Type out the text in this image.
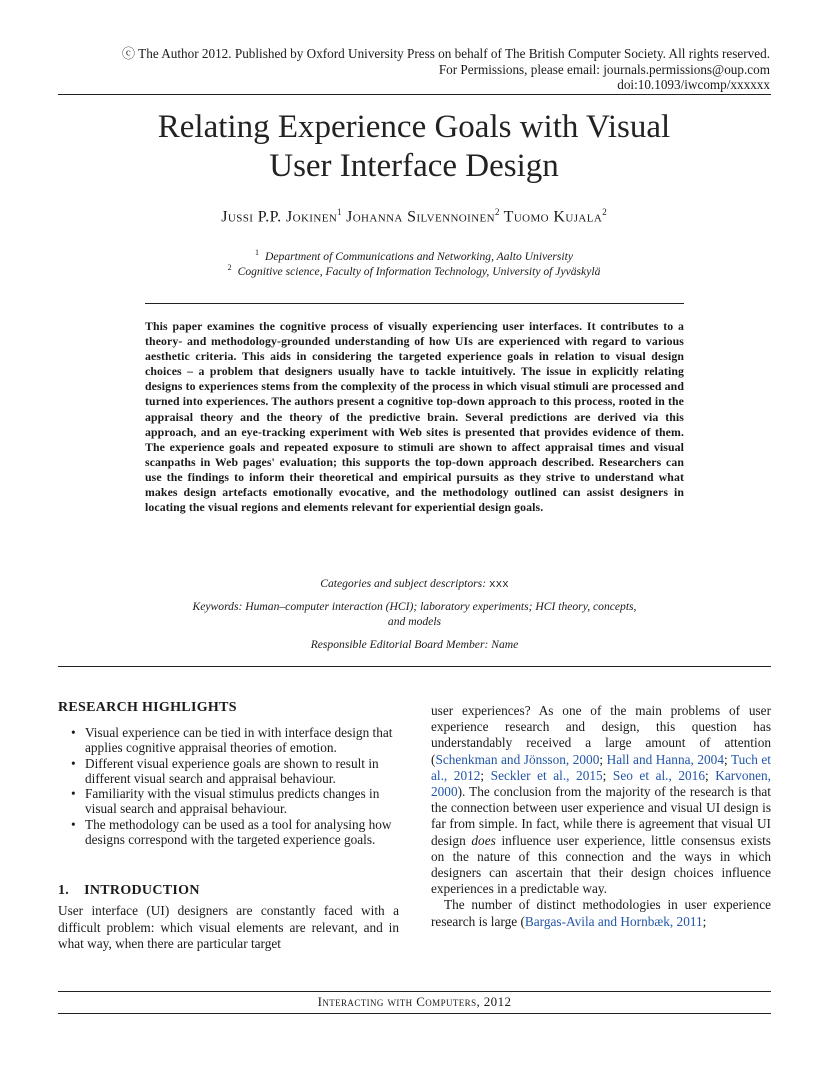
ⓒ The Author 2012. Published by Oxford University Press on behalf of The British Computer Society. All rights reserved.
For Permissions, please email: journals.permissions@oup.com
doi:10.1093/iwcomp/xxxxxx
Relating Experience Goals with Visual
User Interface Design
Jussi P.P. Jokinen$^1$ Johanna Silvennoinen$^2$ Tuomo Kujala$^2$
$^1$ Department of Communications and Networking, Aalto University
$^2$ Cognitive science, Faculty of Information Technology, University of Jyväskylä

This paper examines the cognitive process of visually experiencing user interfaces. It contributes to a theory- and methodology-grounded understanding of how UIs are experienced with regard to various aesthetic criteria. This aids in considering the targeted experience goals in relation to visual design choices – a problem that designers usually have to tackle intuitively. The issue in explicitly relating designs to experiences stems from the complexity of the process in which visual stimuli are processed and turned into experiences. The authors present a cognitive top-down approach to this process, rooted in the appraisal theory and the theory of the predictive brain. Several predictions are derived via this approach, and an eye-tracking experiment with Web sites is presented that provides evidence of them. The experience goals and repeated exposure to stimuli are shown to affect appraisal times and visual scanpaths in Web pages' evaluation; this supports the top-down approach described. Researchers can use the findings to inform their theoretical and empirical pursuits as they strive to understand what makes design artefacts emotionally evocative, and the methodology outlined can assist designers in locating the visual regions and elements relevant for experiential design goals.

Categories and subject descriptors: xxx
Keywords: Human–computer interaction (HCI); laboratory experiments; HCI theory, concepts,
and models
Responsible Editorial Board Member: Name
RESEARCH HIGHLIGHTS
• Visual experience can be tied in with interface design that applies cognitive appraisal theories of emotion.
• Different visual experience goals are shown to result in different visual search and appraisal behaviour.
• Familiarity with the visual stimulus predicts changes in visual search and appraisal behaviour.
• The methodology can be used as a tool for analysing how designs correspond with the targeted experience goals.
1. INTRODUCTION

User interface (UI) designers are constantly faced with a difficult problem: which visual elements are relevant, and in what way, when there are particular target

user experiences? As one of the main problems of user experience research and design, this question has understandably received a large amount of attention (Schenkman and Jönsson, 2000; Hall and Hanna, 2004; Tuch et al., 2012; Seckler et al., 2015; Seo et al., 2016; Karvonen, 2000). The conclusion from the majority of the research is that the connection between user experience and visual UI design is far from simple. In fact, while there is agreement that visual UI design does influence user experience, little consensus exists on the nature of this connection and the ways in which designers can ascertain that their design choices influence experiences in a predictable way.

The number of distinct methodologies in user experience research is large (Bargas-Avila and Hornbæk, 2011;

Interacting with Computers, 2012
